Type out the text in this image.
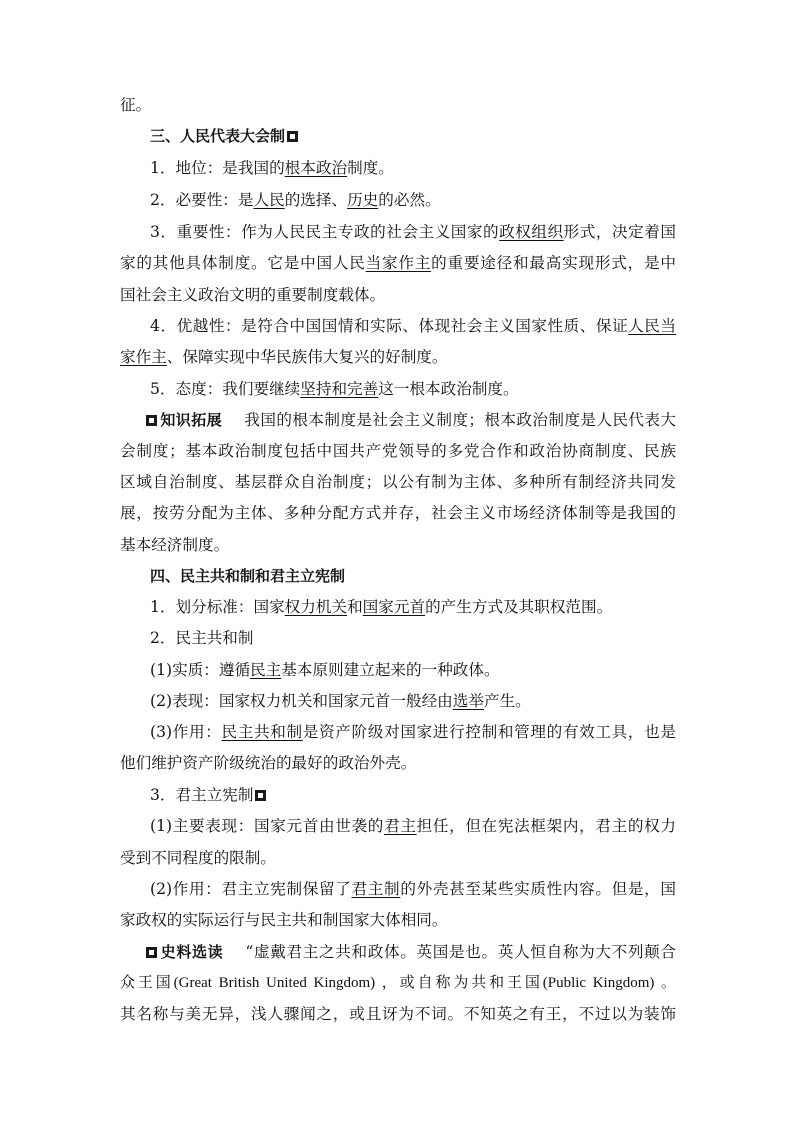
征。
三、人民代表大会制
1．地位：是我国的根本政治制度。
2．必要性：是人民的选择、历史的必然。
3．重要性：作为人民民主专政的社会主义国家的政权组织形式，决定着国
家的其他具体制度。它是中国人民当家作主的重要途径和最高实现形式，是中
国社会主义政治文明的重要制度载体。
4．优越性：是符合中国国情和实际、体现社会主义国家性质、保证人民当
家作主、保障实现中华民族伟大复兴的好制度。
5．态度：我们要继续坚持和完善这一根本政治制度。
知识拓展 我国的根本制度是社会主义制度；根本政治制度是人民代表大
会制度；基本政治制度包括中国共产党领导的多党合作和政治协商制度、民族
区域自治制度、基层群众自治制度；以公有制为主体、多种所有制经济共同发
展，按劳分配为主体、多种分配方式并存，社会主义市场经济体制等是我国的
基本经济制度。
四、民主共和制和君主立宪制
1．划分标准：国家权力机关和国家元首的产生方式及其职权范围。
2．民主共和制
(1)实质：遵循民主基本原则建立起来的一种政体。
(2)表现：国家权力机关和国家元首一般经由选举产生。
(3)作用：民主共和制是资产阶级对国家进行控制和管理的有效工具，也是
他们维护资产阶级统治的最好的政治外壳。
3．君主立宪制
(1)主要表现：国家元首由世袭的君主担任，但在宪法框架内，君主的权力
受到不同程度的限制。
(2)作用：君主立宪制保留了君主制的外壳甚至某些实质性内容。但是，国
家政权的实际运行与民主共和制国家大体相同。
史料选读 “虚戴君主之共和政体。英国是也。英人恒自称为大不列颠合
众王国(Great British United Kingdom) ，或自称为共和王国(Public Kingdom) 。
其名称与美无异，浅人骤闻之，或且讶为不词。不知英之有王，不过以为装饰
